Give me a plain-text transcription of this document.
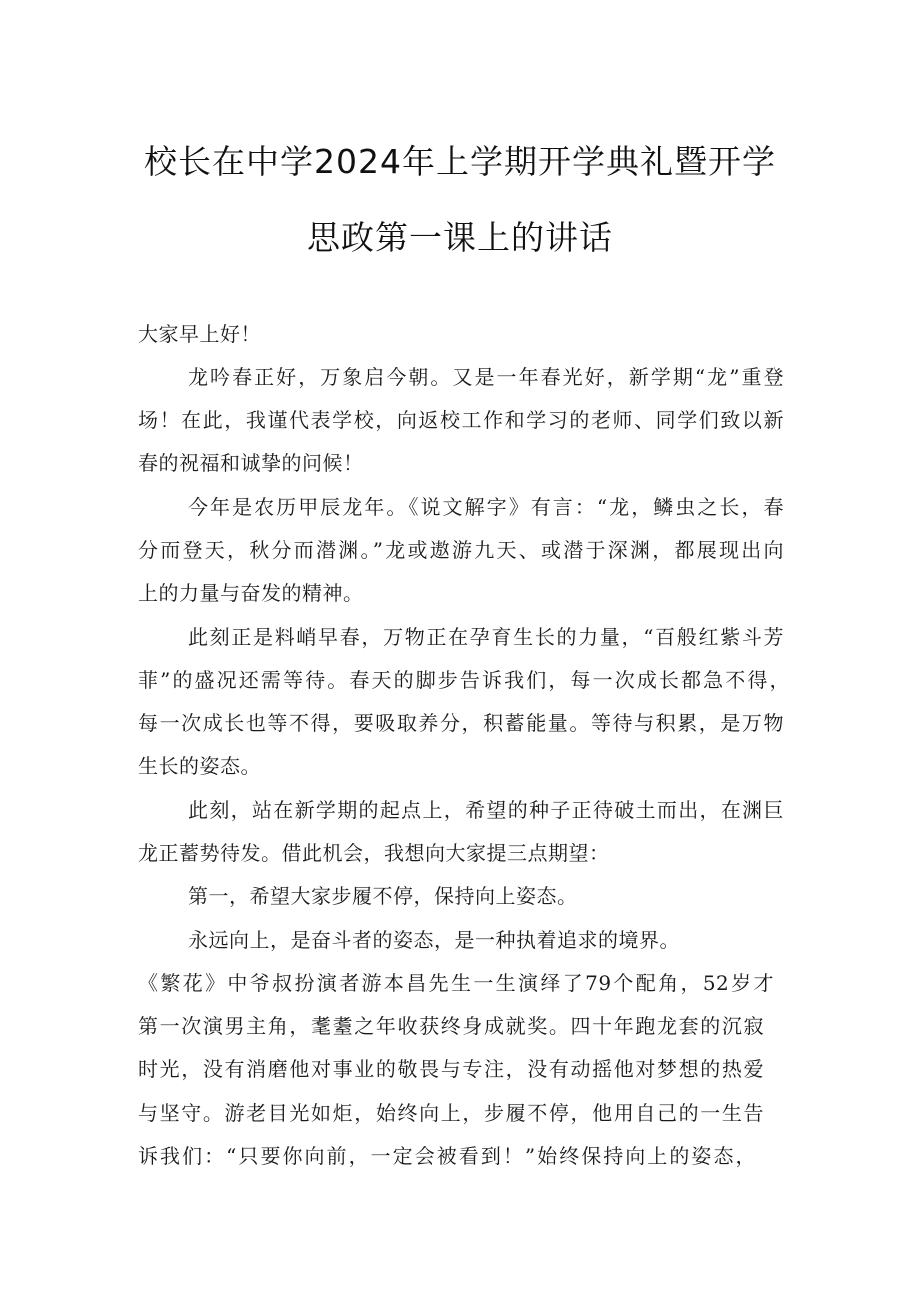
校长在中学2024年上学期开学典礼暨开学
思政第一课上的讲话
大家早上好！
龙吟春正好，万象启今朝。又是一年春光好，新学期“龙”重登
场！在此，我谨代表学校，向返校工作和学习的老师、同学们致以新
春的祝福和诚挚的问候！
今年是农历甲辰龙年。《说文解字》有言：“龙，鳞虫之长，春
分而登天，秋分而潜渊。”龙或遨游九天、或潜于深渊，都展现出向
上的力量与奋发的精神。
此刻正是料峭早春，万物正在孕育生长的力量，“百般红紫斗芳
菲”的盛况还需等待。春天的脚步告诉我们，每一次成长都急不得，
每一次成长也等不得，要吸取养分，积蓄能量。等待与积累，是万物
生长的姿态。
此刻，站在新学期的起点上，希望的种子正待破土而出，在渊巨
龙正蓄势待发。借此机会，我想向大家提三点期望：
第一，希望大家步履不停，保持向上姿态。
永远向上，是奋斗者的姿态，是一种执着追求的境界。
《繁花》中爷叔扮演者游本昌先生一生演绎了79个配角，52岁才
第一次演男主角，耄耋之年收获终身成就奖。四十年跑龙套的沉寂
时光，没有消磨他对事业的敬畏与专注，没有动摇他对梦想的热爱
与坚守。游老目光如炬，始终向上，步履不停，他用自己的一生告
诉我们：“只要你向前，一定会被看到！”始终保持向上的姿态，
